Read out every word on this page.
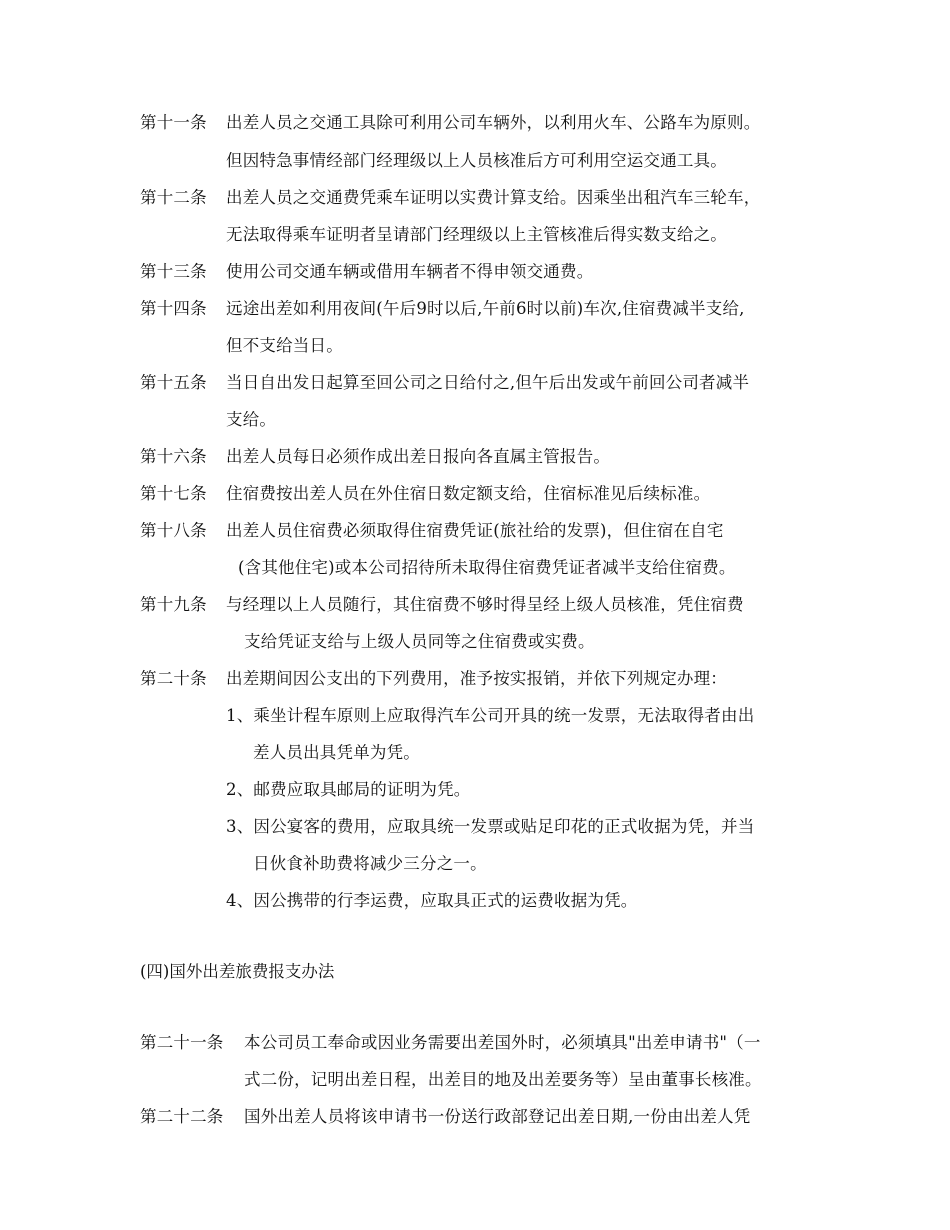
第十一条 出差人员之交通工具除可利用公司车辆外，以利用火车、公路车为原则。
但因特急事情经部门经理级以上人员核准后方可利用空运交通工具。
第十二条 出差人员之交通费凭乘车证明以实费计算支给。因乘坐出租汽车三轮车，
无法取得乘车证明者呈请部门经理级以上主管核准后得实数支给之。
第十三条 使用公司交通车辆或借用车辆者不得申领交通费。
第十四条 远途出差如利用夜间(午后9时以后,午前6时以前)车次,住宿费减半支给,
但不支给当日。
第十五条 当日自出发日起算至回公司之日给付之,但午后出发或午前回公司者减半
支给。
第十六条 出差人员每日必须作成出差日报向各直属主管报告。
第十七条 住宿费按出差人员在外住宿日数定额支给，住宿标准见后续标准。
第十八条 出差人员住宿费必须取得住宿费凭证(旅社给的发票)，但住宿在自宅
(含其他住宅)或本公司招待所未取得住宿费凭证者减半支给住宿费。
第十九条 与经理以上人员随行，其住宿费不够时得呈经上级人员核准，凭住宿费
支给凭证支给与上级人员同等之住宿费或实费。
第二十条 出差期间因公支出的下列费用，准予按实报销，并依下列规定办理：
1、乘坐计程车原则上应取得汽车公司开具的统一发票，无法取得者由出
差人员出具凭单为凭。
2、邮费应取具邮局的证明为凭。
3、因公宴客的费用，应取具统一发票或贴足印花的正式收据为凭，并当
日伙食补助费将减少三分之一。
4、因公携带的行李运费，应取具正式的运费收据为凭。
(四)国外出差旅费报支办法
第二十一条 本公司员工奉命或因业务需要出差国外时，必须填具"出差申请书"（一
式二份，记明出差日程，出差目的地及出差要务等）呈由董事长核准。
第二十二条 国外出差人员将该申请书一份送行政部登记出差日期,一份由出差人凭
